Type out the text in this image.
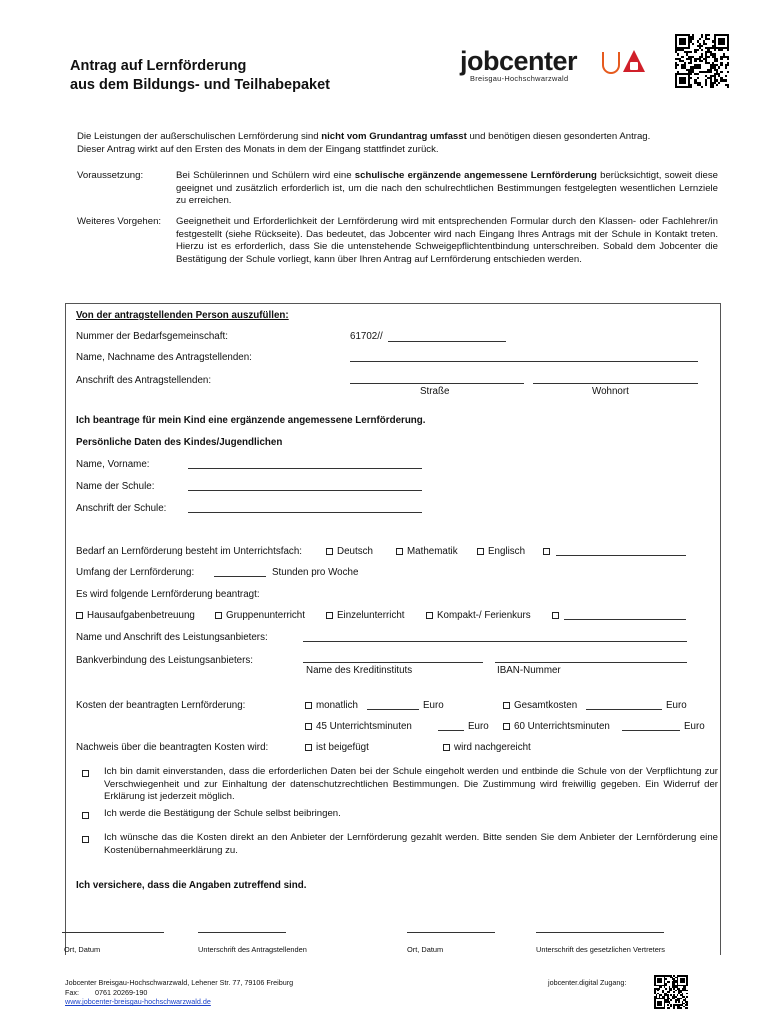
Antrag auf Lernförderung
aus dem Bildungs- und Teilhabepaket
jobcenter
Breisgau-Hochschwarzwald
Die Leistungen der außerschulischen Lernförderung sind nicht vom Grundantrag umfasst und benötigen diesen gesonderten Antrag.
Dieser Antrag wirkt auf den Ersten des Monats in dem der Eingang stattfindet zurück.
Voraussetzung:	Bei Schülerinnen und Schülern wird eine schulische ergänzende angemessene Lernförderung berücksichtigt, soweit diese geeignet und zusätzlich erforderlich ist, um die nach den schulrechtlichen Bestimmungen festgelegten wesentlichen Lernziele zu erreichen.
Weiteres Vorgehen: Geeignetheit und Erforderlichkeit der Lernförderung wird mit entsprechenden Formular durch den Klassen- oder Fachlehrer/in festgestellt (siehe Rückseite). Das bedeutet, das Jobcenter wird nach Eingang Ihres Antrags mit der Schule in Kontakt treten. Hierzu ist es erforderlich, dass Sie die untenstehende Schweigepflichtentbindung unterschreiben. Sobald dem Jobcenter die Bestätigung der Schule vorliegt, kann über Ihren Antrag auf Lernförderung entschieden werden.
Von der antragstellenden Person auszufüllen:
Nummer der Bedarfsgemeinschaft:	61702//
Name, Nachname des Antragstellenden:
Anschrift des Antragstellenden:
Straße	Wohnort
Ich beantrage für mein Kind eine ergänzende angemessene Lernförderung.
Persönliche Daten des Kindes/Jugendlichen
Name, Vorname:
Name der Schule:
Anschrift der Schule:
Bedarf an Lernförderung besteht im Unterrichtsfach:	Deutsch	Mathematik	Englisch
Umfang der Lernförderung:	Stunden pro Woche
Es wird folgende Lernförderung beantragt:
Hausaufgabenbetreuung	Gruppenunterricht	Einzelunterricht	Kompakt-/ Ferienkurs
Name und Anschrift des Leistungsanbieters:
Bankverbindung des Leistungsanbieters:
Name des Kreditinstituts	IBAN-Nummer
Kosten der beantragten Lernförderung:	monatlich	Euro	Gesamtkosten	Euro
45 Unterrichtsminuten	Euro	60 Unterrichtsminuten	Euro
Nachweis über die beantragten Kosten wird:	ist beigefügt	wird nachgereicht
Ich bin damit einverstanden, dass die erforderlichen Daten bei der Schule eingeholt werden und entbinde die Schule von der Verpflichtung zur Verschwiegenheit und zur Einhaltung der datenschutzrechtlichen Bestimmungen. Die Zustimmung wird freiwillig gegeben. Ein Widerruf der Erklärung ist jederzeit möglich.
Ich werde die Bestätigung der Schule selbst beibringen.
Ich wünsche das die Kosten direkt an den Anbieter der Lernförderung gezahlt werden. Bitte senden Sie dem Anbieter der Lernförderung eine Kostenübernahmeerklärung zu.
Ich versichere, dass die Angaben zutreffend sind.
Ort, Datum	Unterschrift des Antragstellenden	Ort, Datum	Unterschrift des gesetzlichen Vertreters
Jobcenter Breisgau-Hochschwarzwald, Lehener Str. 77, 79106 Freiburg
Fax: 0761 20269-190
www.jobcenter-breisgau-hochschwarzwald.de
jobcenter.digital Zugang:
